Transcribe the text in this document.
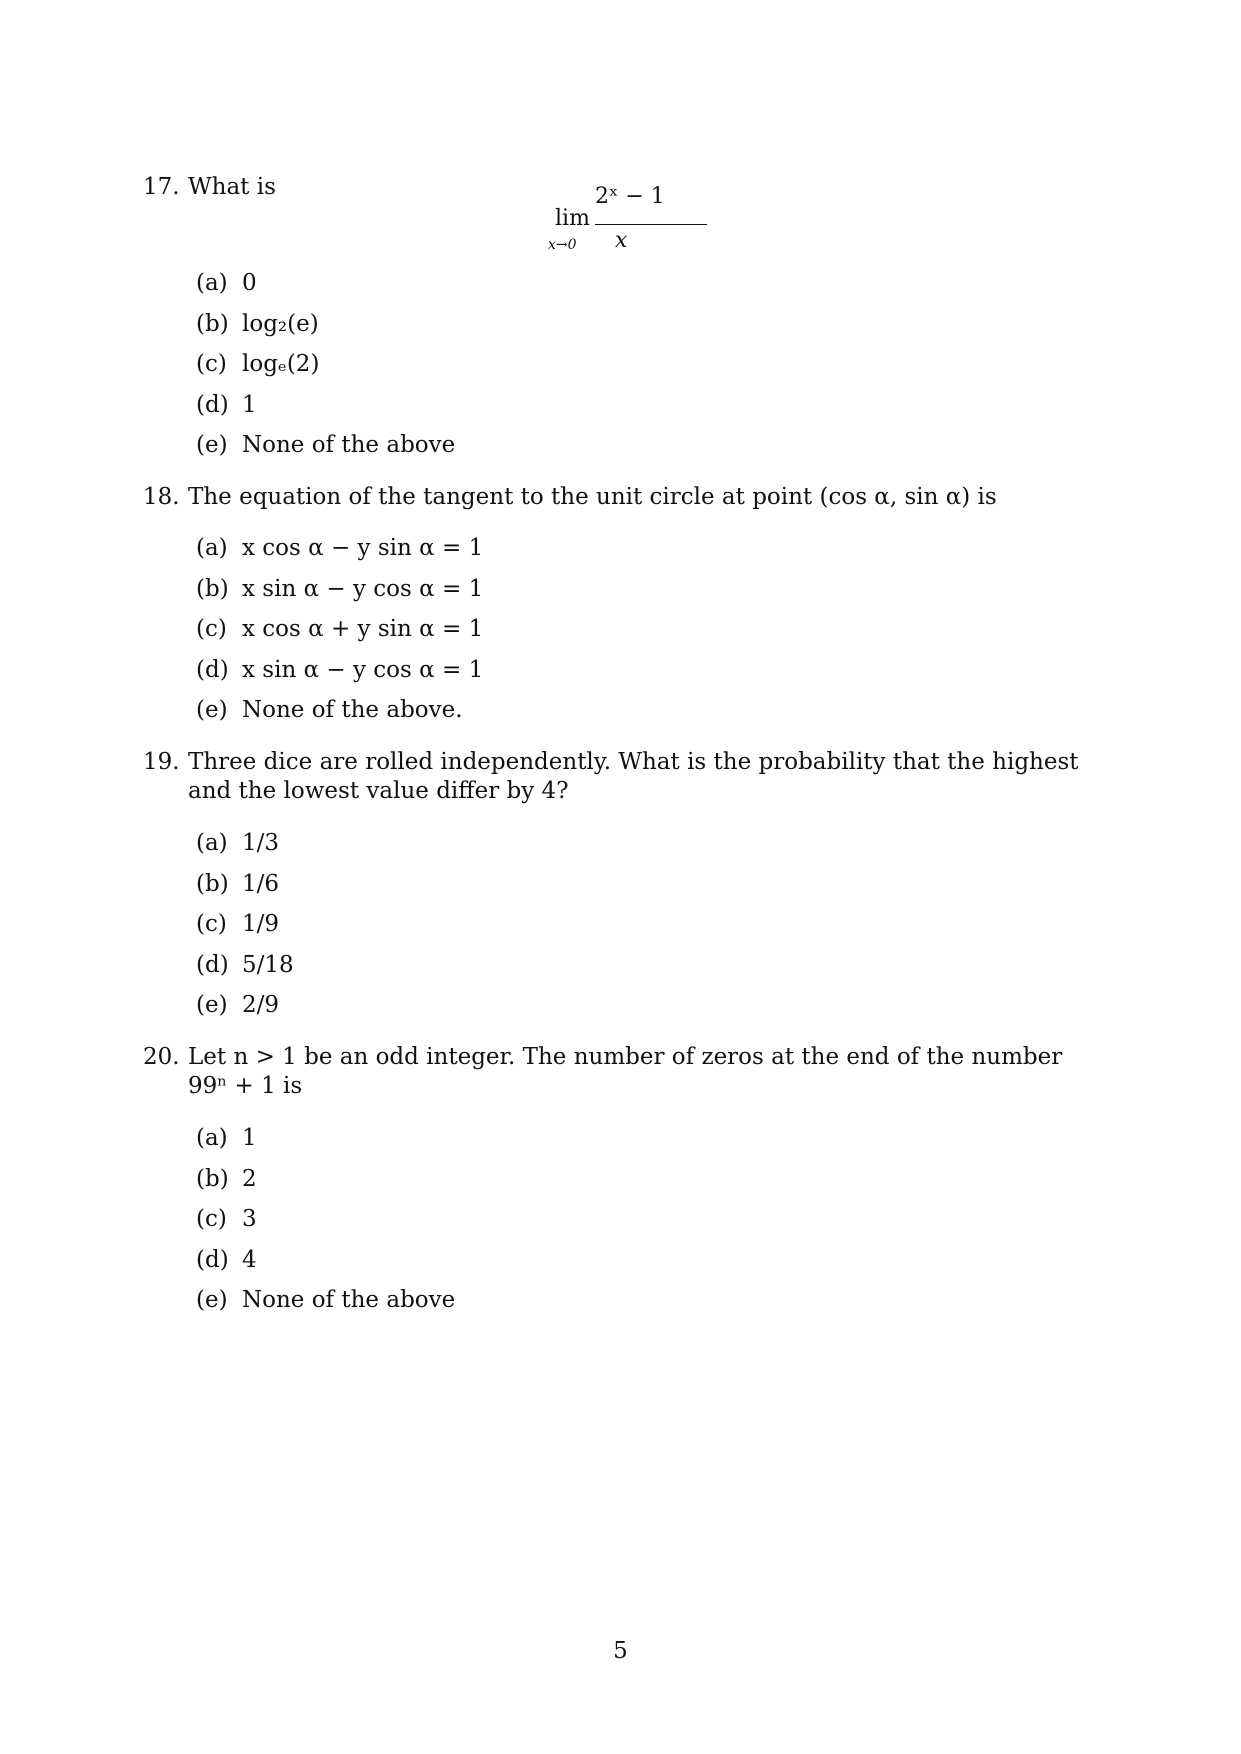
17. What is
lim
x→0
2ˣ − 1
x
(a) 0
(b) log₂(e)
(c) logₑ(2)
(d) 1
(e) None of the above
18. The equation of the tangent to the unit circle at point (cos α, sin α) is
(a) x cos α − y sin α = 1
(b) x sin α − y cos α = 1
(c) x cos α + y sin α = 1
(d) x sin α − y cos α = 1
(e) None of the above.
19. Three dice are rolled independently. What is the probability that the highest
and the lowest value differ by 4?
(a) 1/3
(b) 1/6
(c) 1/9
(d) 5/18
(e) 2/9
20. Let n > 1 be an odd integer. The number of zeros at the end of the number
99ⁿ + 1 is
(a) 1
(b) 2
(c) 3
(d) 4
(e) None of the above
5
